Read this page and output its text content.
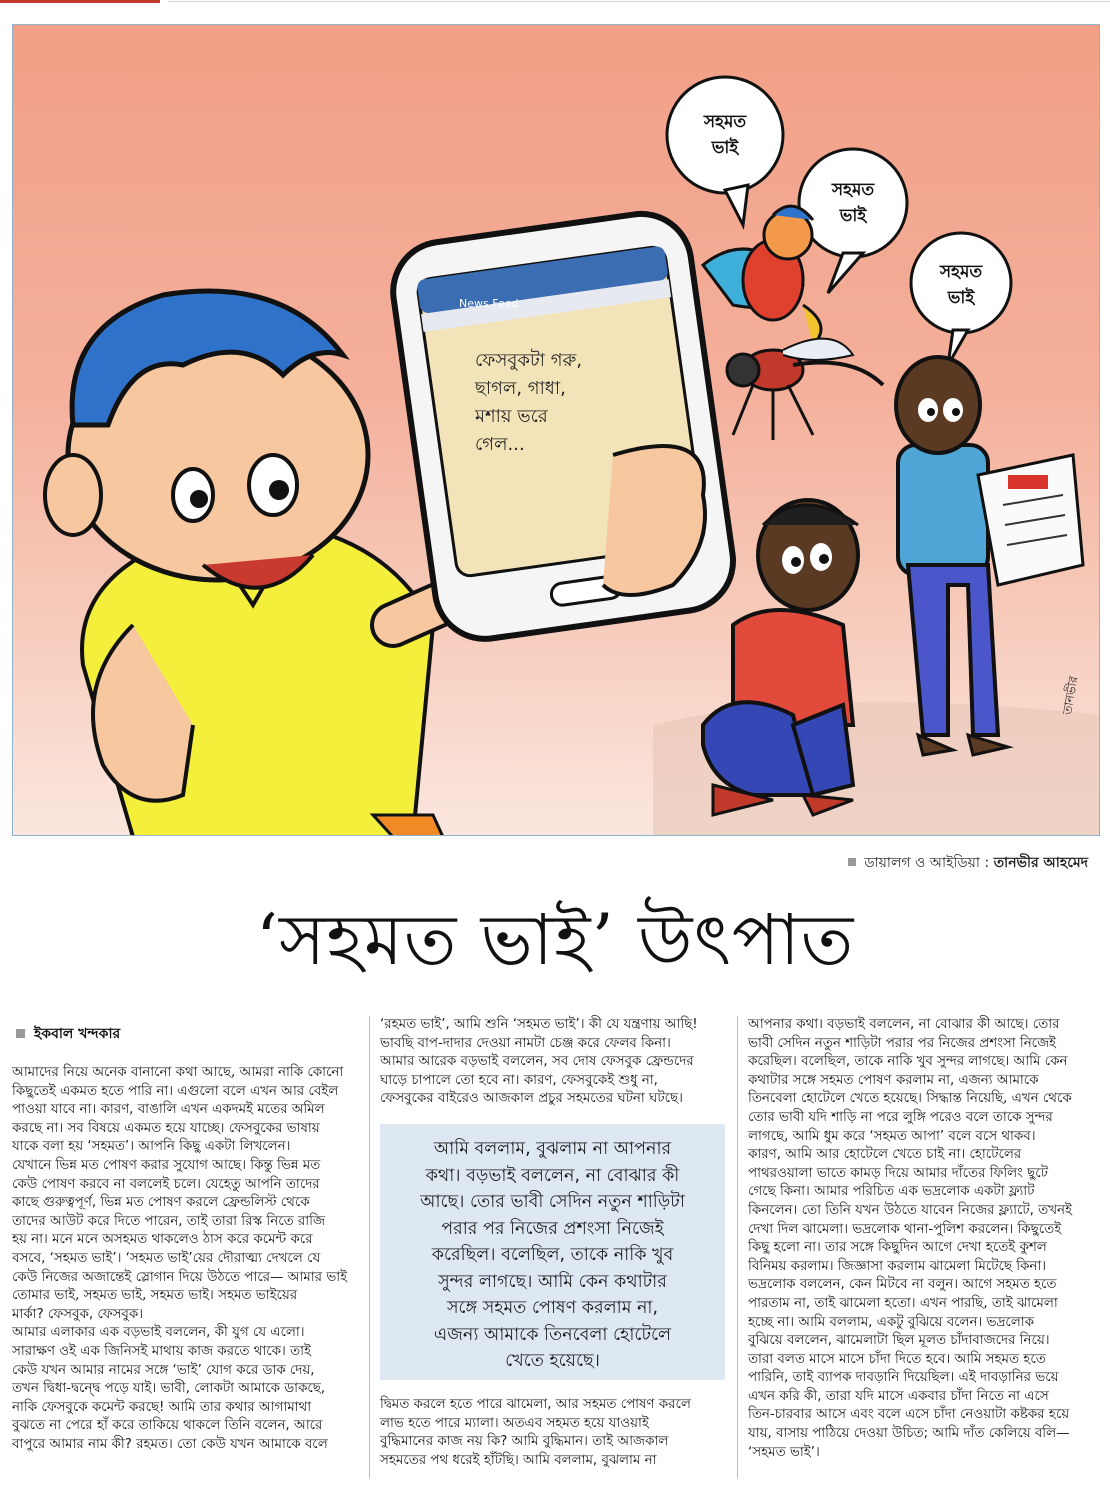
News Feed
ফেসবুকটা গরু,
ছাগল, গাধা,
মশায় ভরে
গেল...
সহমত
ভাই
সহমত
ভাই
সহমত
ভাই
তানভীর
ডায়ালগ ও আইডিয়া : তানভীর আহমেদ
‘সহমত ভাই’ উৎপাত
ইকবাল খন্দকার
আমাদের নিয়ে অনেক বানানো কথা আছে, আমরা নাকি কোনো
কিছুতেই একমত হতে পারি না। এগুলো বলে এখন আর বেইল
পাওয়া যাবে না। কারণ, বাঙালি এখন একদমই মতের অমিল
করছে না। সব বিষয়ে একমত হয়ে যাচ্ছে। ফেসবুকের ভাষায়
যাকে বলা হয় ‘সহমত’। আপনি কিছু একটা লিখলেন।
যেখানে ভিন্ন মত পোষণ করার সুযোগ আছে। কিন্তু ভিন্ন মত
কেউ পোষণ করবে না বললেই চলে। যেহেতু আপনি তাদের
কাছে গুরুত্বপূর্ণ, ভিন্ন মত পোষণ করলে ফ্রেন্ডলিস্ট থেকে
তাদের আউট করে দিতে পারেন, তাই তারা রিস্ক নিতে রাজি
হয় না। মনে মনে অসহমত থাকলেও ঠাস করে কমেন্ট করে
বসবে, ‘সহমত ভাই’। ‘সহমত ভাই’য়ের দৌরাত্ম্য দেখলে যে
কেউ নিজের অজান্তেই স্লোগান দিয়ে উঠতে পারে— আমার ভাই
তোমার ভাই, সহমত ভাই, সহমত ভাই। সহমত ভাইয়ের
মার্কা? ফেসবুক, ফেসবুক।
আমার এলাকার এক বড়ভাই বললেন, কী যুগ যে এলো।
সারাক্ষণ ওই এক জিনিসই মাথায় কাজ করতে থাকে। তাই
কেউ যখন আমার নামের সঙ্গে ‘ভাই’ যোগ করে ডাক দেয়,
তখন দ্বিধা-দ্বন্দ্বে পড়ে যাই। ভাবী, লোকটা আমাকে ডাকছে,
নাকি ফেসবুকে কমেন্ট করছে! আমি তার কথার আগামাথা
বুঝতে না পেরে হাঁ করে তাকিয়ে থাকলে তিনি বলেন, আরে
বাপুরে আমার নাম কী? রহমত। তো কেউ যখন আমাকে বলে
‘রহমত ভাই’, আমি শুনি ‘সহমত ভাই’। কী যে যন্ত্রণায় আছি!
ভাবছি বাপ-দাদার দেওয়া নামটা চেঞ্জ করে ফেলব কিনা।
আমার আরেক বড়ভাই বললেন, সব দোষ ফেসবুক ফ্রেন্ডদের
ঘাড়ে চাপালে তো হবে না। কারণ, ফেসবুকেই শুধু না,
ফেসবুকের বাইরেও আজকাল প্রচুর সহমতের ঘটনা ঘটছে।
আমি বললাম, বুঝলাম না আপনার
কথা। বড়ভাই বললেন, না বোঝার কী
আছে। তোর ভাবী সেদিন নতুন শাড়িটা
পরার পর নিজের প্রশংসা নিজেই
করেছিল। বলেছিল, তাকে নাকি খুব
সুন্দর লাগছে। আমি কেন কথাটার
সঙ্গে সহমত পোষণ করলাম না,
এজন্য আমাকে তিনবেলা হোটেলে
খেতে হয়েছে।
দ্বিমত করলে হতে পারে ঝামেলা, আর সহমত পোষণ করলে
লাভ হতে পারে ম্যালা। অতএব সহমত হয়ে যাওয়াই
বুদ্ধিমানের কাজ নয় কি? আমি বুদ্ধিমান। তাই আজকাল
সহমতের পথ ধরেই হাঁটছি। আমি বললাম, বুঝলাম না
আপনার কথা। বড়ভাই বললেন, না বোঝার কী আছে। তোর
ভাবী সেদিন নতুন শাড়িটা পরার পর নিজের প্রশংসা নিজেই
করেছিল। বলেছিল, তাকে নাকি খুব সুন্দর লাগছে। আমি কেন
কথাটার সঙ্গে সহমত পোষণ করলাম না, এজন্য আমাকে
তিনবেলা হোটেলে খেতে হয়েছে। সিদ্ধান্ত নিয়েছি, এখন থেকে
তোর ভাবী যদি শাড়ি না পরে লুঙ্গি পরেও বলে তাকে সুন্দর
লাগছে, আমি ধুম করে ‘সহমত আপা’ বলে বসে থাকব।
কারণ, আমি আর হোটেলে খেতে চাই না। হোটেলের
পাথরওয়ালা ভাতে কামড় দিয়ে আমার দাঁতের ফিলিং ছুটে
গেছে কিনা। আমার পরিচিত এক ভদ্রলোক একটা ফ্ল্যাট
কিনলেন। তো তিনি যখন উঠতে যাবেন নিজের ফ্ল্যাটে, তখনই
দেখা দিল ঝামেলা। ভদ্রলোক থানা-পুলিশ করলেন। কিছুতেই
কিছু হলো না। তার সঙ্গে কিছুদিন আগে দেখা হতেই কুশল
বিনিময় করলাম। জিজ্ঞাসা করলাম ঝামেলা মিটেছে কিনা।
ভদ্রলোক বললেন, কেন মিটবে না বলুন। আগে সহমত হতে
পারতাম না, তাই ঝামেলা হতো। এখন পারছি, তাই ঝামেলা
হচ্ছে না। আমি বললাম, একটু বুঝিয়ে বলেন। ভদ্রলোক
বুঝিয়ে বললেন, ঝামেলাটা ছিল মূলত চাঁদাবাজদের নিয়ে।
তারা বলত মাসে মাসে চাঁদা দিতে হবে। আমি সহমত হতে
পারিনি, তাই ব্যাপক দাবড়ানি দিয়েছিল। এই দাবড়ানির ভয়ে
এখন করি কী, তারা যদি মাসে একবার চাঁদা নিতে না এসে
তিন-চারবার আসে এবং বলে এসে চাঁদা নেওয়াটা কষ্টকর হয়ে
যায়, বাসায় পাঠিয়ে দেওয়া উচিত; আমি দাঁত কেলিয়ে বলি—
‘সহমত ভাই’।
